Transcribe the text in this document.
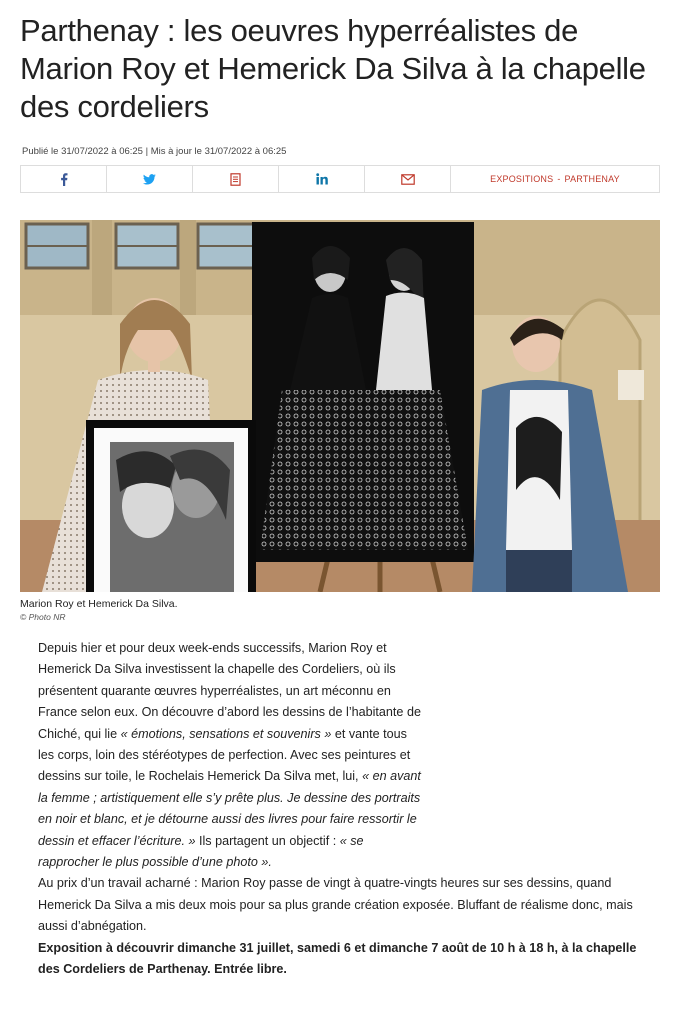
Parthenay : les oeuvres hyperréalistes de Marion Roy et Hemerick Da Silva à la chapelle des cordeliers
Publié le 31/07/2022 à 06:25 | Mis à jour le 31/07/2022 à 06:25
EXPOSITIONS - PARTHENAY
Marion Roy et Hemerick Da Silva.
© Photo NR

Depuis hier et pour deux week-ends successifs, Marion Roy et Hemerick Da Silva investissent la chapelle des Cordeliers, où ils présentent quarante œuvres hyperréalistes, un art méconnu en France selon eux. On découvre d’abord les dessins de l’habitante de Chiché, qui lie « émotions, sensations et souvenirs » et vante tous les corps, loin des stéréotypes de perfection. Avec ses peintures et dessins sur toile, le Rochelais Hemerick Da Silva met, lui, « en avant la femme ; artistiquement elle s’y prête plus. Je dessine des portraits en noir et blanc, et je détourne aussi des livres pour faire ressortir le dessin et effacer l’écriture. » Ils partagent un objectif : « se rapprocher le plus possible d’une photo ».

Au prix d’un travail acharné : Marion Roy passe de vingt à quatre-vingts heures sur ses dessins, quand Hemerick Da Silva a mis deux mois pour sa plus grande création exposée. Bluffant de réalisme donc, mais aussi d’abnégation.

Exposition à découvrir dimanche 31 juillet, samedi 6 et dimanche 7 août de 10 h à 18 h, à la chapelle des Cordeliers de Parthenay. Entrée libre.
